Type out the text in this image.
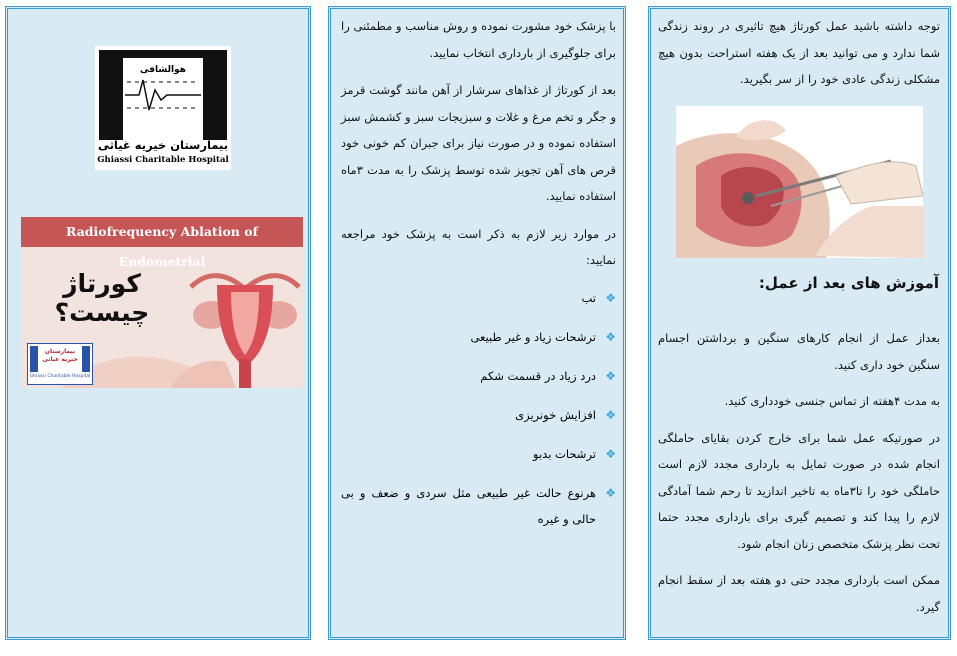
هوالشافی
بیمارستان خیریه غیاثی
Ghiassi Charitable Hospital
Radiofrequency Ablation of Endometrial
کورتاژ چیست؟
بیمارستان خیریه غیاثی
Ghiassi Charitable Hospital

با پزشک خود مشورت نموده و روش مناسب و مطمئنی را برای جلوگیری از بارداری انتخاب نمایید.

بعد از کورتاژ از غذاهای سرشار از آهن مانند گوشت قرمز و جگر و تخم مرغ و غلات و سبزیجات سبز و کشمش سبز استفاده نموده و در صورت نیاز برای جبران کم خونی خود قرص های آهن تجویز شده توسط پزشک را به مدت ۳ماه استفاده نمایید.

در موارد زیر لازم به ذکر است به پزشک خود مراجعه نمایید:

❖
تب
❖
ترشحات زیاد و غیر طبیعی
❖
درد زیاد در قسمت شکم
❖
افزایش خونریزی
❖
ترشحات بدبو
❖
هرنوع حالت غیر طبیعی مثل سردی و ضعف و بی حالی و غیره

توجه داشته باشید عمل کورتاژ هیچ تاثیری در روند زندگی شما ندارد و می توانید بعد از یک هفته استراحت بدون هیچ مشکلی زندگی عادی خود را از سر بگیرید.

آموزش های بعد از عمل:

بعداز عمل از انجام کارهای سنگین و برداشتن اجسام سنگین خود داری کنید.

به مدت ۴هفته از تماس جنسی خودداری کنید.

در صورتیکه عمل شما برای خارج کردن بقایای حاملگی انجام شده در صورت تمایل به بارداری مجدد لازم است حاملگی خود را تا۳ماه به تاخیر اندازید تا رحم شما آمادگی لازم را پیدا کند و تصمیم گیری برای بارداری مجدد حتما تحت نظر پزشک متخصص زنان انجام شود.

ممکن است بارداری مجدد حتی دو هفته بعد از سقط انجام گیرد.
